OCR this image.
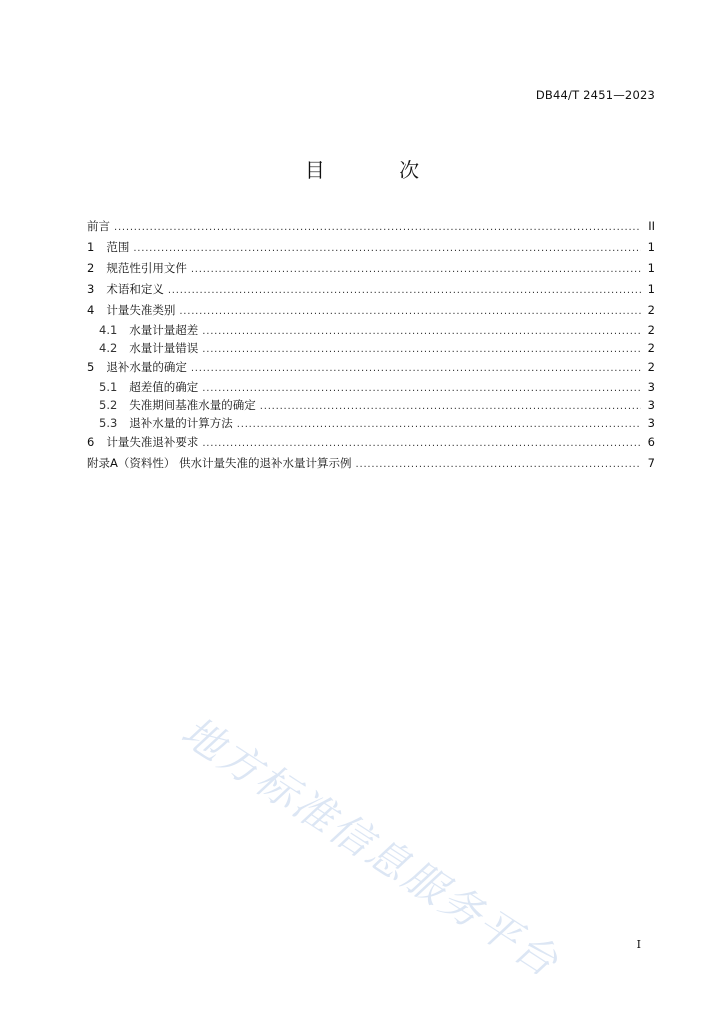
DB44/T 2451—2023
目 次
前言 . . .	II
1 范围 . . .	1
2 规范性引用文件 . . .	1
3 术语和定义 . . .	1
4 计量失准类别 . . .	2
4.1 水量计量超差 . . .	2
4.2 水量计量错误 . . .	2
5 退补水量的确定 . . .	2
5.1 超差值的确定 . . .	3
5.2 失准期间基准水量的确定 . . .	3
5.3 退补水量的计算方法 . . .	3
6 计量失准退补要求 . . .	6
附录A（资料性） 供水计量失准的退补水量计算示例 . . .	7
地方标准信息服务平台	I
